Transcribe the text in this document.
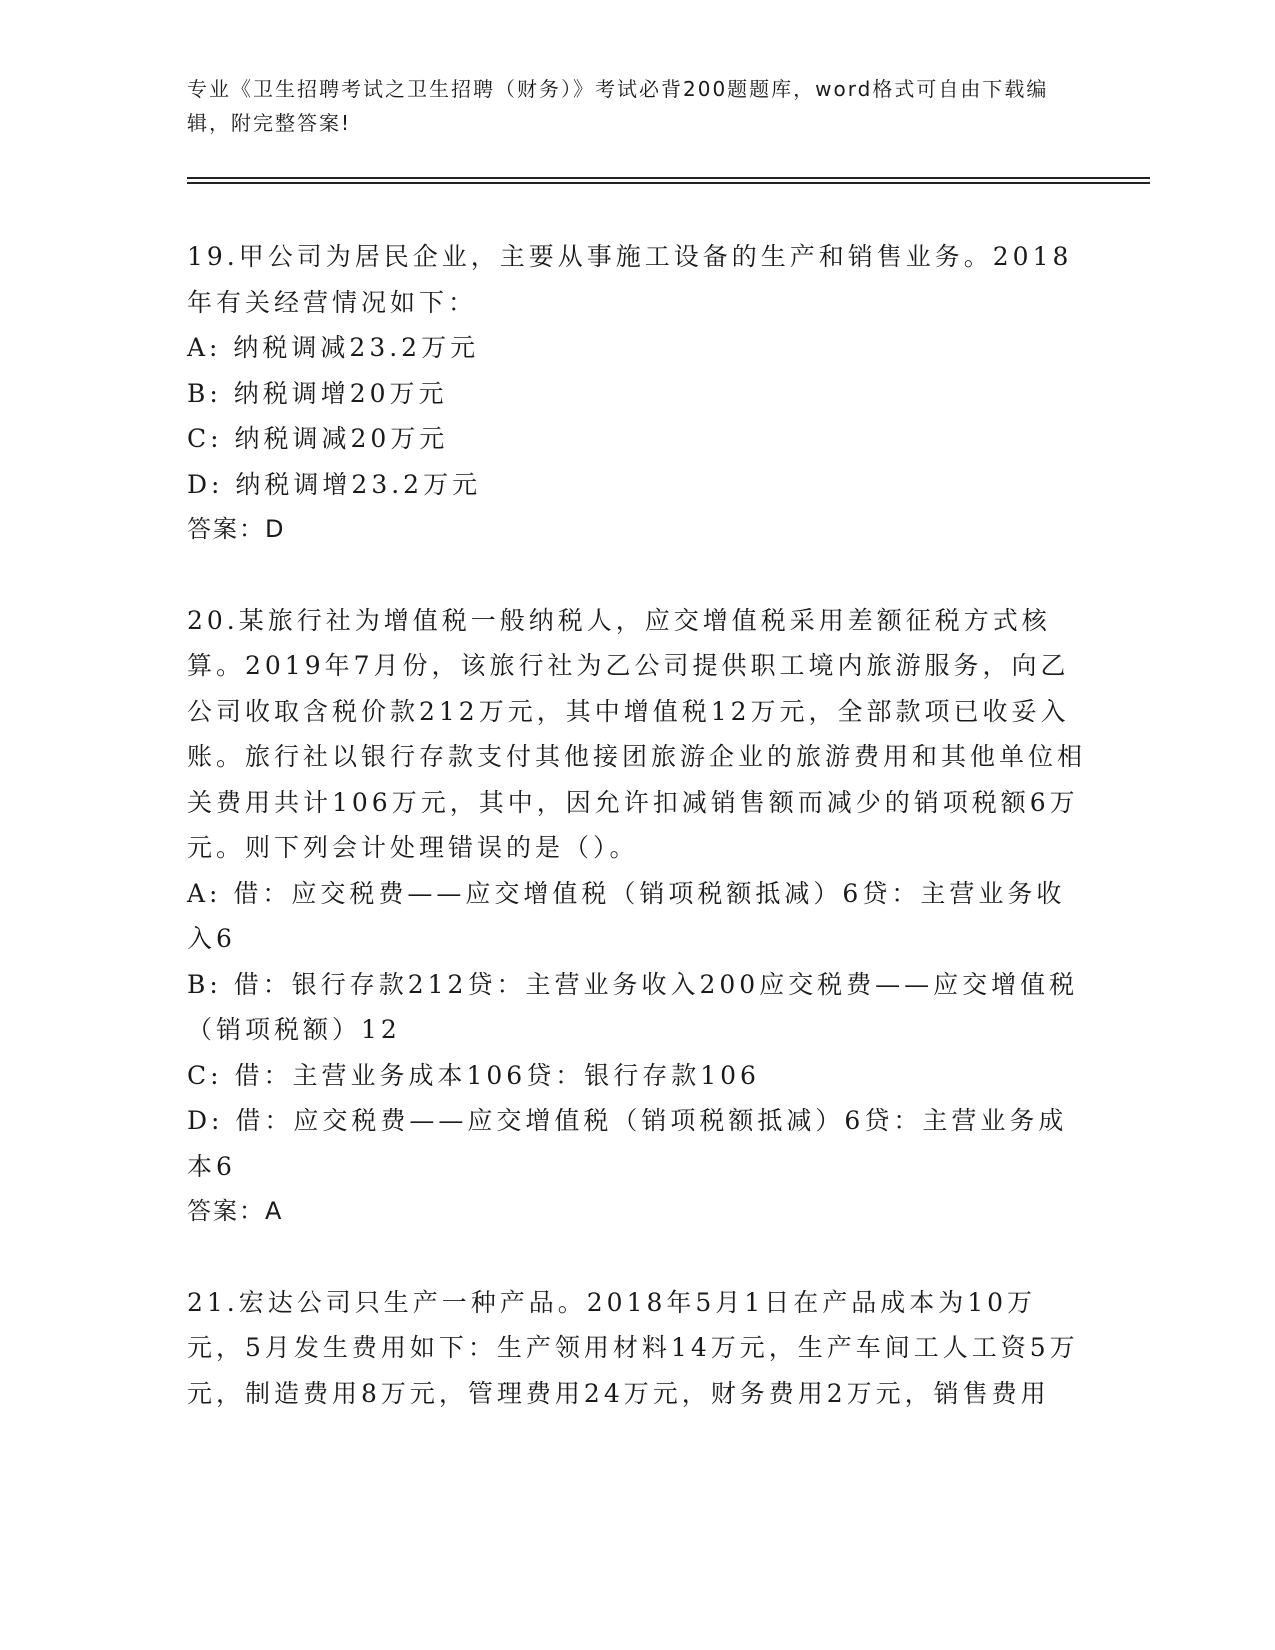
专业《卫生招聘考试之卫生招聘（财务）》考试必背200题题库，word格式可自由下载编辑，附完整答案!

19.甲公司为居民企业，主要从事施工设备的生产和销售业务。2018年有关经营情况如下：

A: 纳税调减23.2万元

B: 纳税调增20万元

C: 纳税调减20万元

D: 纳税调增23.2万元

答案：D

20.某旅行社为增值税一般纳税人，应交增值税采用差额征税方式核算。2019年7月份，该旅行社为乙公司提供职工境内旅游服务，向乙公司收取含税价款212万元，其中增值税12万元，全部款项已收妥入账。旅行社以银行存款支付其他接团旅游企业的旅游费用和其他单位相关费用共计106万元，其中，因允许扣减销售额而减少的销项税额6万元。则下列会计处理错误的是（）。

A: 借：应交税费——应交增值税（销项税额抵减）6贷：主营业务收入6

B: 借：银行存款212贷：主营业务收入200应交税费——应交增值税（销项税额）12

C: 借：主营业务成本106贷：银行存款106

D: 借：应交税费——应交增值税（销项税额抵减）6贷：主营业务成本6

答案：A

21.宏达公司只生产一种产品。2018年5月1日在产品成本为10万元，5月发生费用如下：生产领用材料14万元，生产车间工人工资5万元，制造费用8万元，管理费用24万元，财务费用2万元，销售费用
